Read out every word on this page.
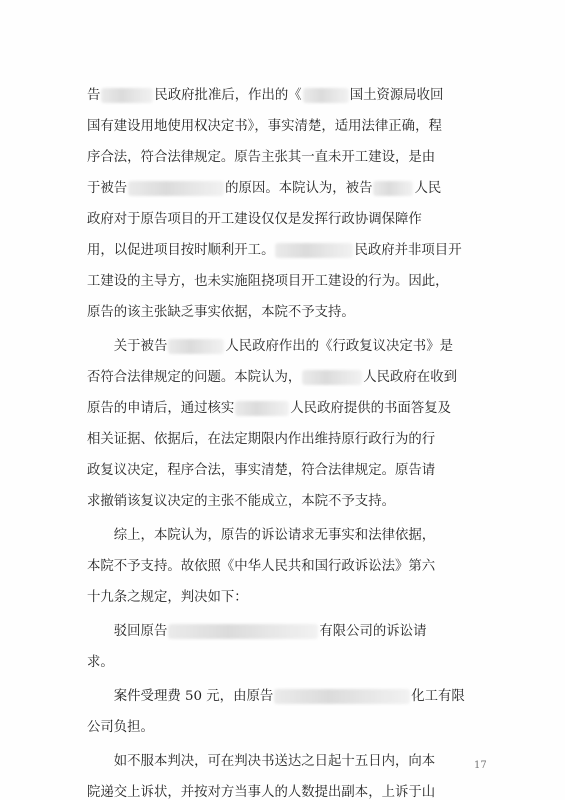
告	民政府批准后，作出的《	国土资源局收回
国有建设用地使用权决定书》，事实清楚，适用法律正确，程
序合法，符合法律规定。原告主张其一直未开工建设，是由
于被告	的原因。本院认为，被告	人民
政府对于原告项目的开工建设仅仅是发挥行政协调保障作
用，以促进项目按时顺利开工。	民政府并非项目开
工建设的主导方，也未实施阻挠项目开工建设的行为。因此，
原告的该主张缺乏事实依据，本院不予支持。
　　关于被告	人民政府作出的《行政复议决定书》是
否符合法律规定的问题。本院认为，	人民政府在收到
原告的申请后，通过核实	人民政府提供的书面答复及
相关证据、依据后，在法定期限内作出维持原行政行为的行
政复议决定，程序合法，事实清楚，符合法律规定。原告请
求撤销该复议决定的主张不能成立，本院不予支持。
　　综上，本院认为，原告的诉讼请求无事实和法律依据，
本院不予支持。故依照《中华人民共和国行政诉讼法》第六
十九条之规定，判决如下：
　　驳回原告	有限公司的诉讼请
求。
　　案件受理费 50 元，由原告	化工有限
公司负担。
　　如不服本判决，可在判决书送达之日起十五日内，向本
院递交上诉状，并按对方当事人的人数提出副本，上诉于山
17
